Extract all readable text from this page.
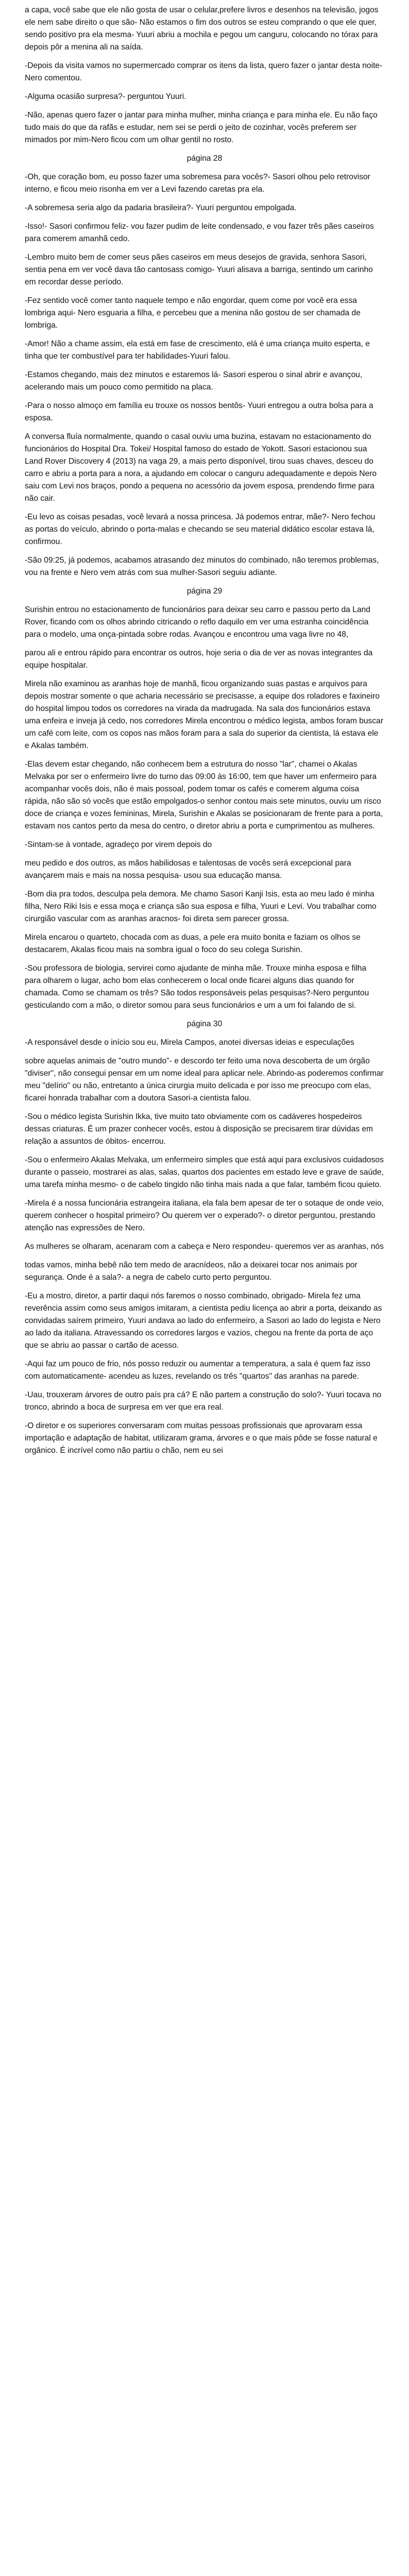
a capa, você sabe que ele não gosta de usar o celular,prefere livros e desenhos na televisão, jogos ele nem sabe direito o que são- Não estamos o fim dos outros se esteu comprando o que ele quer, sendo positivo pra ela mesma- Yuuri abriu a mochila e pegou um canguru, colocando no tórax para depois pôr a menina ali na saída.

-Depois da visita vamos no supermercado comprar os itens da lista, quero fazer o jantar desta noite-Nero comentou.

-Alguma ocasião surpresa?- perguntou Yuuri.

-Não, apenas quero fazer o jantar para minha mulher, minha criança e para minha ele. Eu não faço tudo mais do que da rafãs e estudar, nem sei se perdi o jeito de cozinhar, vocês preferem ser mimados por mim-Nero ficou com um olhar gentil no rosto.

página 28

-Oh, que coração bom, eu posso fazer uma sobremesa para vocês?- Sasori olhou pelo retrovisor interno, e ficou meio risonha em ver a Levi fazendo caretas pra ela.

-A sobremesa seria algo da padaria brasileira?- Yuuri perguntou empolgada.

-Isso!- Sasori confirmou feliz- vou fazer pudim de leite condensado, e vou fazer três pães caseiros para comerem amanhã cedo.

-Lembro muito bem de comer seus pães caseiros em meus desejos de gravida, senhora Sasori, sentia pena em ver você dava tão cantosass comigo- Yuuri alisava a barriga, sentindo um carinho em recordar desse período.

-Fez sentido você comer tanto naquele tempo e não engordar, quem come por você era essa lombriga aqui- Nero esguaria a filha, e percebeu que a menina não gostou de ser chamada de lombriga.

-Amor! Não a chame assim, ela está em fase de crescimento, elá é uma criança muito esperta, e tinha que ter combustível para ter habilidades-Yuuri falou.

-Estamos chegando, mais dez minutos e estaremos lá- Sasori esperou o sinal abrir e avançou, acelerando mais um pouco como permitido na placa.

-Para o nosso almoço em família eu trouxe os nossos bentôs- Yuuri entregou a outra bolsa para a esposa.

A conversa fluía normalmente, quando o casal ouviu uma buzina, estavam no estacionamento do funcionários do Hospital Dra. Tokei/ Hospital famoso do estado de Yokott. Sasori estacionou sua Land Rover Discovery 4 (2013) na vaga 29, a mais perto disponível, tirou suas chaves, desceu do carro e abriu a porta para a nora, a ajudando em colocar o canguru adequadamente e depois Nero saiu com Levi nos braços, pondo a pequena no acessório da jovem esposa, prendendo firme para não cair.

-Eu levo as coisas pesadas, você levará a nossa princesa. Já podemos entrar, mãe?- Nero fechou as portas do veículo, abrindo o porta-malas e checando se seu material didático escolar estava lá, confirmou.

-São 09:25, já podemos, acabamos atrasando dez minutos do combinado, não teremos problemas, vou na frente e Nero vem atrás com sua mulher-Sasori seguiu adiante.

página 29

Surishin entrou no estacionamento de funcionários para deixar seu carro e passou perto da Land Rover, ficando com os olhos abrindo citricando o reflo daquilo em ver uma estranha coincidência para o modelo, uma onça-pintada sobre rodas. Avançou e encontrou uma vaga livre no 48,

parou ali e entrou rápido para encontrar os outros, hoje seria o dia de ver as novas integrantes da equipe hospitalar.

Mirela não examinou as aranhas hoje de manhã, ficou organizando suas pastas e arquivos para depois mostrar somente o que acharia necessário se precisasse, a equipe dos roladores e faxineiro do hospital limpou todos os corredores na virada da madrugada. Na sala dos funcionários estava uma enfeira e inveja já cedo, nos corredores Mirela encontrou o médico legista, ambos foram buscar um café com leite, com os copos nas mãos foram para a sala do superior da cientista, lá estava ele e Akalas também.

-Elas devem estar chegando, não conhecem bem a estrutura do nosso "lar", chamei o Akalas Melvaka por ser o enfermeiro livre do turno das 09:00 às 16:00, tem que haver um enfermeiro para acompanhar vocês dois, não é mais possoal, podem tomar os cafés e comerem alguma coisa rápida, não são só vocês que estão empolgados-o senhor contou mais sete minutos, ouviu um risco doce de criança e vozes femininas, Mirela, Surishin e Akalas se posicionaram de frente para a porta, estavam nos cantos perto da mesa do centro, o diretor abriu a porta e cumprimentou as mulheres.

-Sintam-se à vontade, agradeço por virem depois do

meu pedido e dos outros, as mãos habilidosas e talentosas de vocês será excepcional para avançarem mais e mais na nossa pesquisa- usou sua educação mansa.

-Bom dia pra todos, desculpa pela demora. Me chamo Sasori Kanji Isis, esta ao meu lado é minha filha, Nero Riki Isis e essa moça e criança são sua esposa e filha, Yuuri e Levi. Vou trabalhar como cirurgião vascular com as aranhas aracnos- foi direta sem parecer grossa.

Mirela encarou o quarteto, chocada com as duas, a pele era muito bonita e faziam os olhos se destacarem, Akalas ficou mais na sombra igual o foco do seu colega Surishin.

-Sou professora de biologia, servirei como ajudante de minha mãe. Trouxe minha esposa e filha para olharem o lugar, acho bom elas conhecerem o local onde ficarei alguns dias quando for chamada. Como se chamam os três? São todos responsáveis pelas pesquisas?-Nero perguntou gesticulando com a mão, o diretor somou para seus funcionários e um a um foi falando de si.

página 30

-A responsável desde o início sou eu, Mirela Campos, anotei diversas ideias e especulações

sobre aquelas animais de "outro mundo"- e descordo ter feito uma nova descoberta de um órgão "diviser", não consegui pensar em um nome ideal para aplicar nele. Abrindo-as poderemos confirmar meu "delírio" ou não, entretanto a única cirurgia muito delicada e por isso me preocupo com elas, ficarei honrada trabalhar com a doutora Sasori-a cientista falou.

-Sou o médico legista Surishin Ikka, tive muito tato obviamente com os cadáveres hospedeiros dessas criaturas. É um prazer conhecer vocês, estou à disposição se precisarem tirar dúvidas em relação a assuntos de óbitos- encerrou.

-Sou o enfermeiro Akalas Melvaka, um enfermeiro simples que está aqui para exclusivos cuidadosos durante o passeio, mostrarei as alas, salas, quartos dos pacientes em estado leve e grave de saúde, uma tarefa minha mesmo- o de cabelo tingido não tinha mais nada a que falar, também ficou quieto.

-Mirela é a nossa funcionária estrangeira italiana, ela fala bem apesar de ter o sotaque de onde veio, querem conhecer o hospital primeiro? Ou querem ver o experado?- o diretor perguntou, prestando atenção nas expressões de Nero.

As mulheres se olharam, acenaram com a cabeça e Nero respondeu- queremos ver as aranhas, nós

todas vamos, minha bebê não tem medo de aracnídeos, não a deixarei tocar nos animais por segurança. Onde é a sala?- a negra de cabelo curto perto perguntou.

-Eu a mostro, diretor, a partir daqui nós faremos o nosso combinado, obrigado- Mirela fez uma reverência assim como seus amigos imitaram, a cientista pediu licença ao abrir a porta, deixando as convidadas saírem primeiro, Yuuri andava ao lado do enfermeiro, a Sasori ao lado do legista e Nero ao lado da italiana. Atravessando os corredores largos e vazios, chegou na frente da porta de aço que se abriu ao passar o cartão de acesso.

-Aqui faz um pouco de frio, nós posso reduzir ou aumentar a temperatura, a sala é quem faz isso com automaticamente- acendeu as luzes, revelando os três "quartos" das aranhas na parede.

-Uau, trouxeram árvores de outro país pra cá? E não partem a construção do solo?- Yuuri tocava no tronco, abrindo a boca de surpresa em ver que era real.

-O diretor e os superiores conversaram com muitas pessoas profissionais que aprovaram essa importação e adaptação de habitat, utilizaram grama, árvores e o que mais pôde se fosse natural e orgânico. É incrível como não partiu o chão, nem eu sei
